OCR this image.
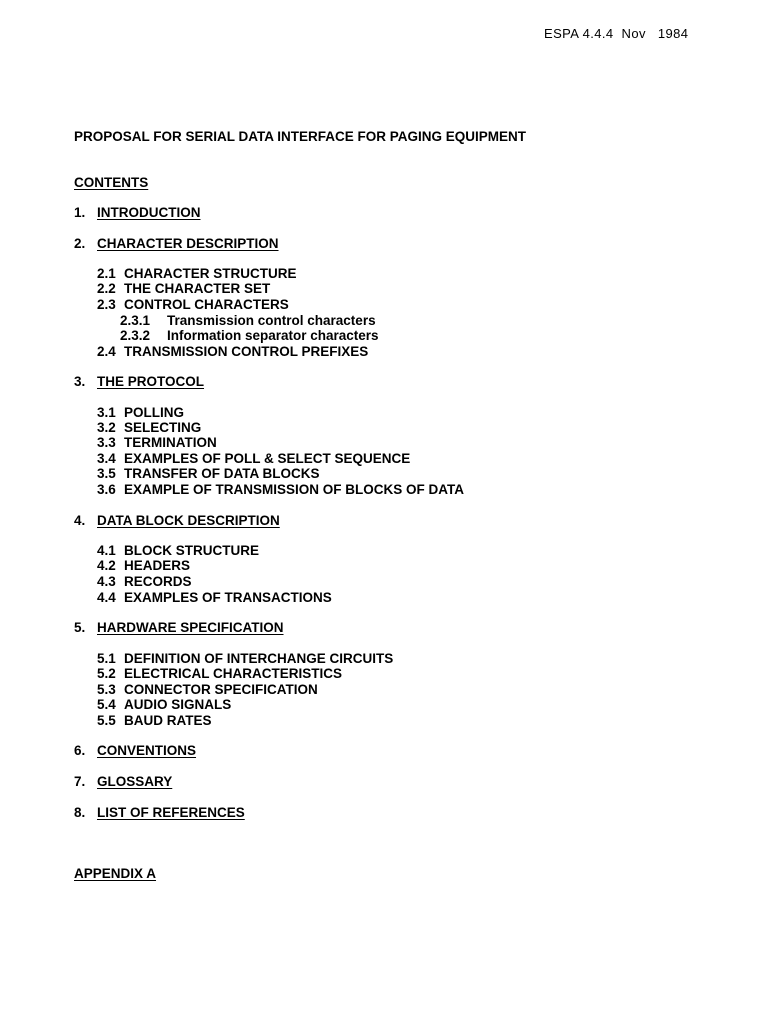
ESPA 4.4.4  Nov   1984
PROPOSAL FOR SERIAL DATA INTERFACE FOR PAGING EQUIPMENT
CONTENTS
1. INTRODUCTION
2. CHARACTER DESCRIPTION
2.1 CHARACTER STRUCTURE
2.2 THE CHARACTER SET
2.3 CONTROL CHARACTERS
2.3.1 Transmission control characters
2.3.2 Information separator characters
2.4 TRANSMISSION CONTROL PREFIXES
3. THE PROTOCOL
3.1 POLLING
3.2 SELECTING
3.3 TERMINATION
3.4 EXAMPLES OF POLL & SELECT SEQUENCE
3.5 TRANSFER OF DATA BLOCKS
3.6 EXAMPLE OF TRANSMISSION OF BLOCKS OF DATA
4. DATA BLOCK DESCRIPTION
4.1 BLOCK STRUCTURE
4.2 HEADERS
4.3 RECORDS
4.4 EXAMPLES OF TRANSACTIONS
5. HARDWARE SPECIFICATION
5.1 DEFINITION OF INTERCHANGE CIRCUITS
5.2 ELECTRICAL CHARACTERISTICS
5.3 CONNECTOR SPECIFICATION
5.4 AUDIO SIGNALS
5.5 BAUD RATES
6. CONVENTIONS
7. GLOSSARY
8. LIST OF REFERENCES
APPENDIX A
